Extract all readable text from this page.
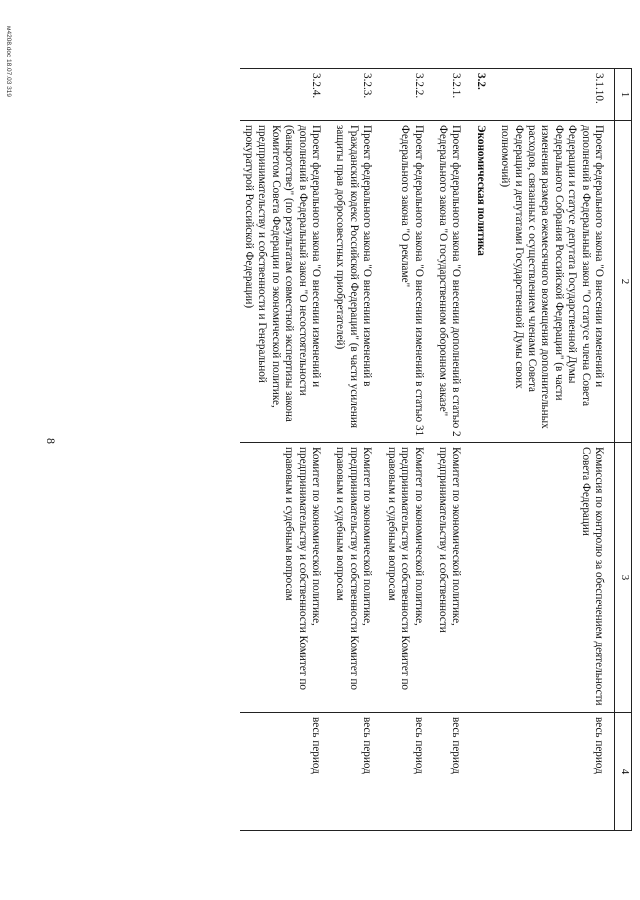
8
1	2	3	4
3.1.10.	Проект федерального закона "О внесении изменений и дополнений в Федеральный закон "О статусе члена Совета Федерации и статусе депутата Государственной Думы Федерального Собрания Российской Федерации" (в части изменения размера ежемесячного возмещения дополнительных расходов, связанных с осуществлением членами Совета Федерации и депутатами Государственной Думы своих полномочий)	Комиссия по контролю за обеспечением деятельности Совета Федерации	весь период
3.2.	Экономическая политика		
3.2.1.	Проект федерального закона "О внесении дополнений в статью 2 Федерального закона "О государственном оборонном заказе"	Комитет по экономической политике, предпринимательству и собственности	весь период
3.2.2.	Проект федерального закона "О внесении изменений в статью 31 Федерального закона "О рекламе"	Комитет по экономической политике, предпринимательству и собственности Комитет по правовым и судебным вопросам	весь период
3.2.3.	Проект федерального закона "О внесении изменений в Гражданский кодекс Российской Федерации" (в части усиления защиты прав добросовестных приобретателей)	Комитет по экономической политике, предпринимательству и собственности Комитет по правовым и судебным вопросам	весь период
3.2.4.	Проект федерального закона "О внесении изменений и дополнений в Федеральный закон "О несостоятельности (банкротстве)" (по результатам совместной экспертизы закона Комитетом Совета Федерации по экономической политике, предпринимательству и собственности и Генеральной прокуратурой Российской Федерации)	Комитет по экономической политике, предпринимательству и собственности Комитет по правовым и судебным вопросам	весь период
м4208.doc 18.07.03 319
